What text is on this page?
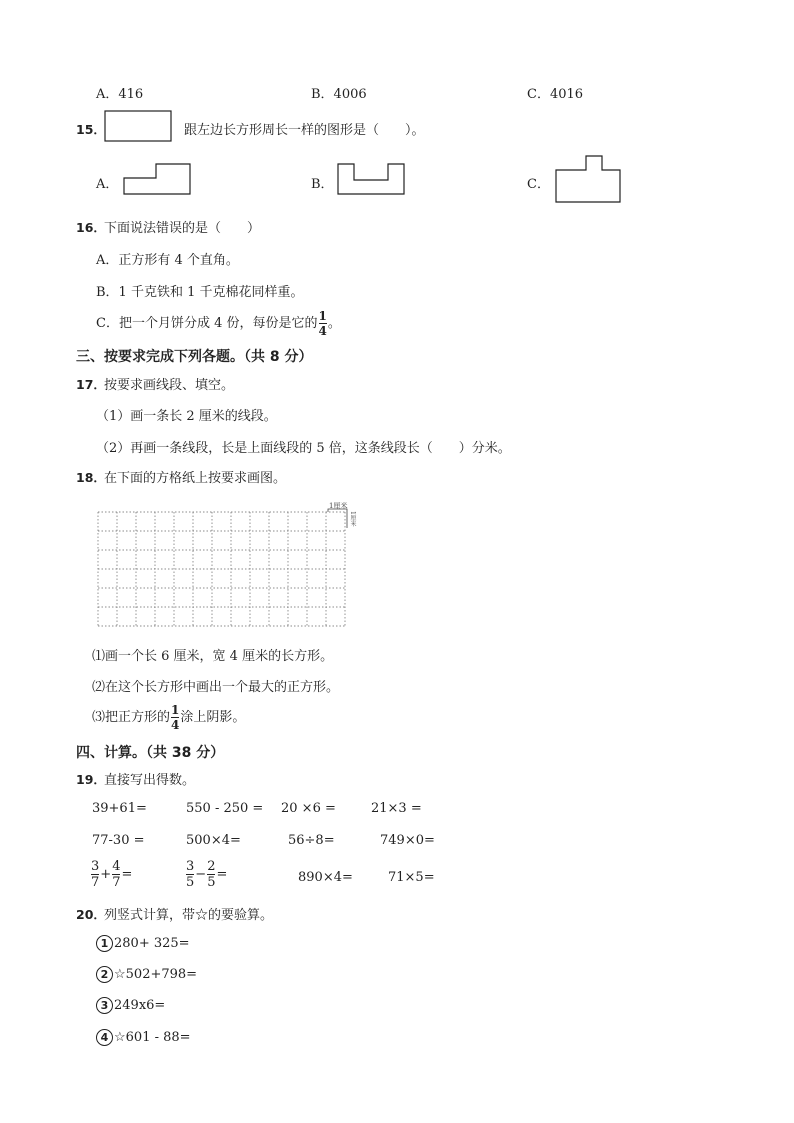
A．416	B．4006	C．4016
15．	跟左边长方形周长一样的图形是（　　）。
A．	B．	C．
16．
下面说法错误的是（　　）
A．正方形有 4 个直角。
B．1 千克铁和 1 千克棉花同样重。
C．把一个月饼分成 4 份，每份是它的 $\frac{1}{4}$ 。
三、按要求完成下列各题。（共 8 分）
17．
按要求画线段、填空。
（1）画一条长 2 厘米的线段。
（2）再画一条线段，长是上面线段的 5 倍，这条线段长（　　）分米。
18．
在下面的方格纸上按要求画图。
1厘米
1厘米
⑴画一个长 6 厘米，宽 4 厘米的长方形。
⑵在这个长方形中画出一个最大的正方形。
⑶把正方形的 $\frac{1}{4}$ 涂上阴影。
四、计算。（共 38 分）
19．
直接写出得数。
39+61=	550 - 250 = 20 ×6 =	21×3 =
77-30 =	500×4=	56÷8=	749×0=
$\frac{3}{7} + \frac{4}{7}$ =	$\frac{3}{5} - \frac{2}{5}$ =	890×4=	71×5=
20．
列竖式计算，带☆的要验算。
1 280+ 325=
2 ☆502+798=
3 249x6=
4 ☆601 - 88=
